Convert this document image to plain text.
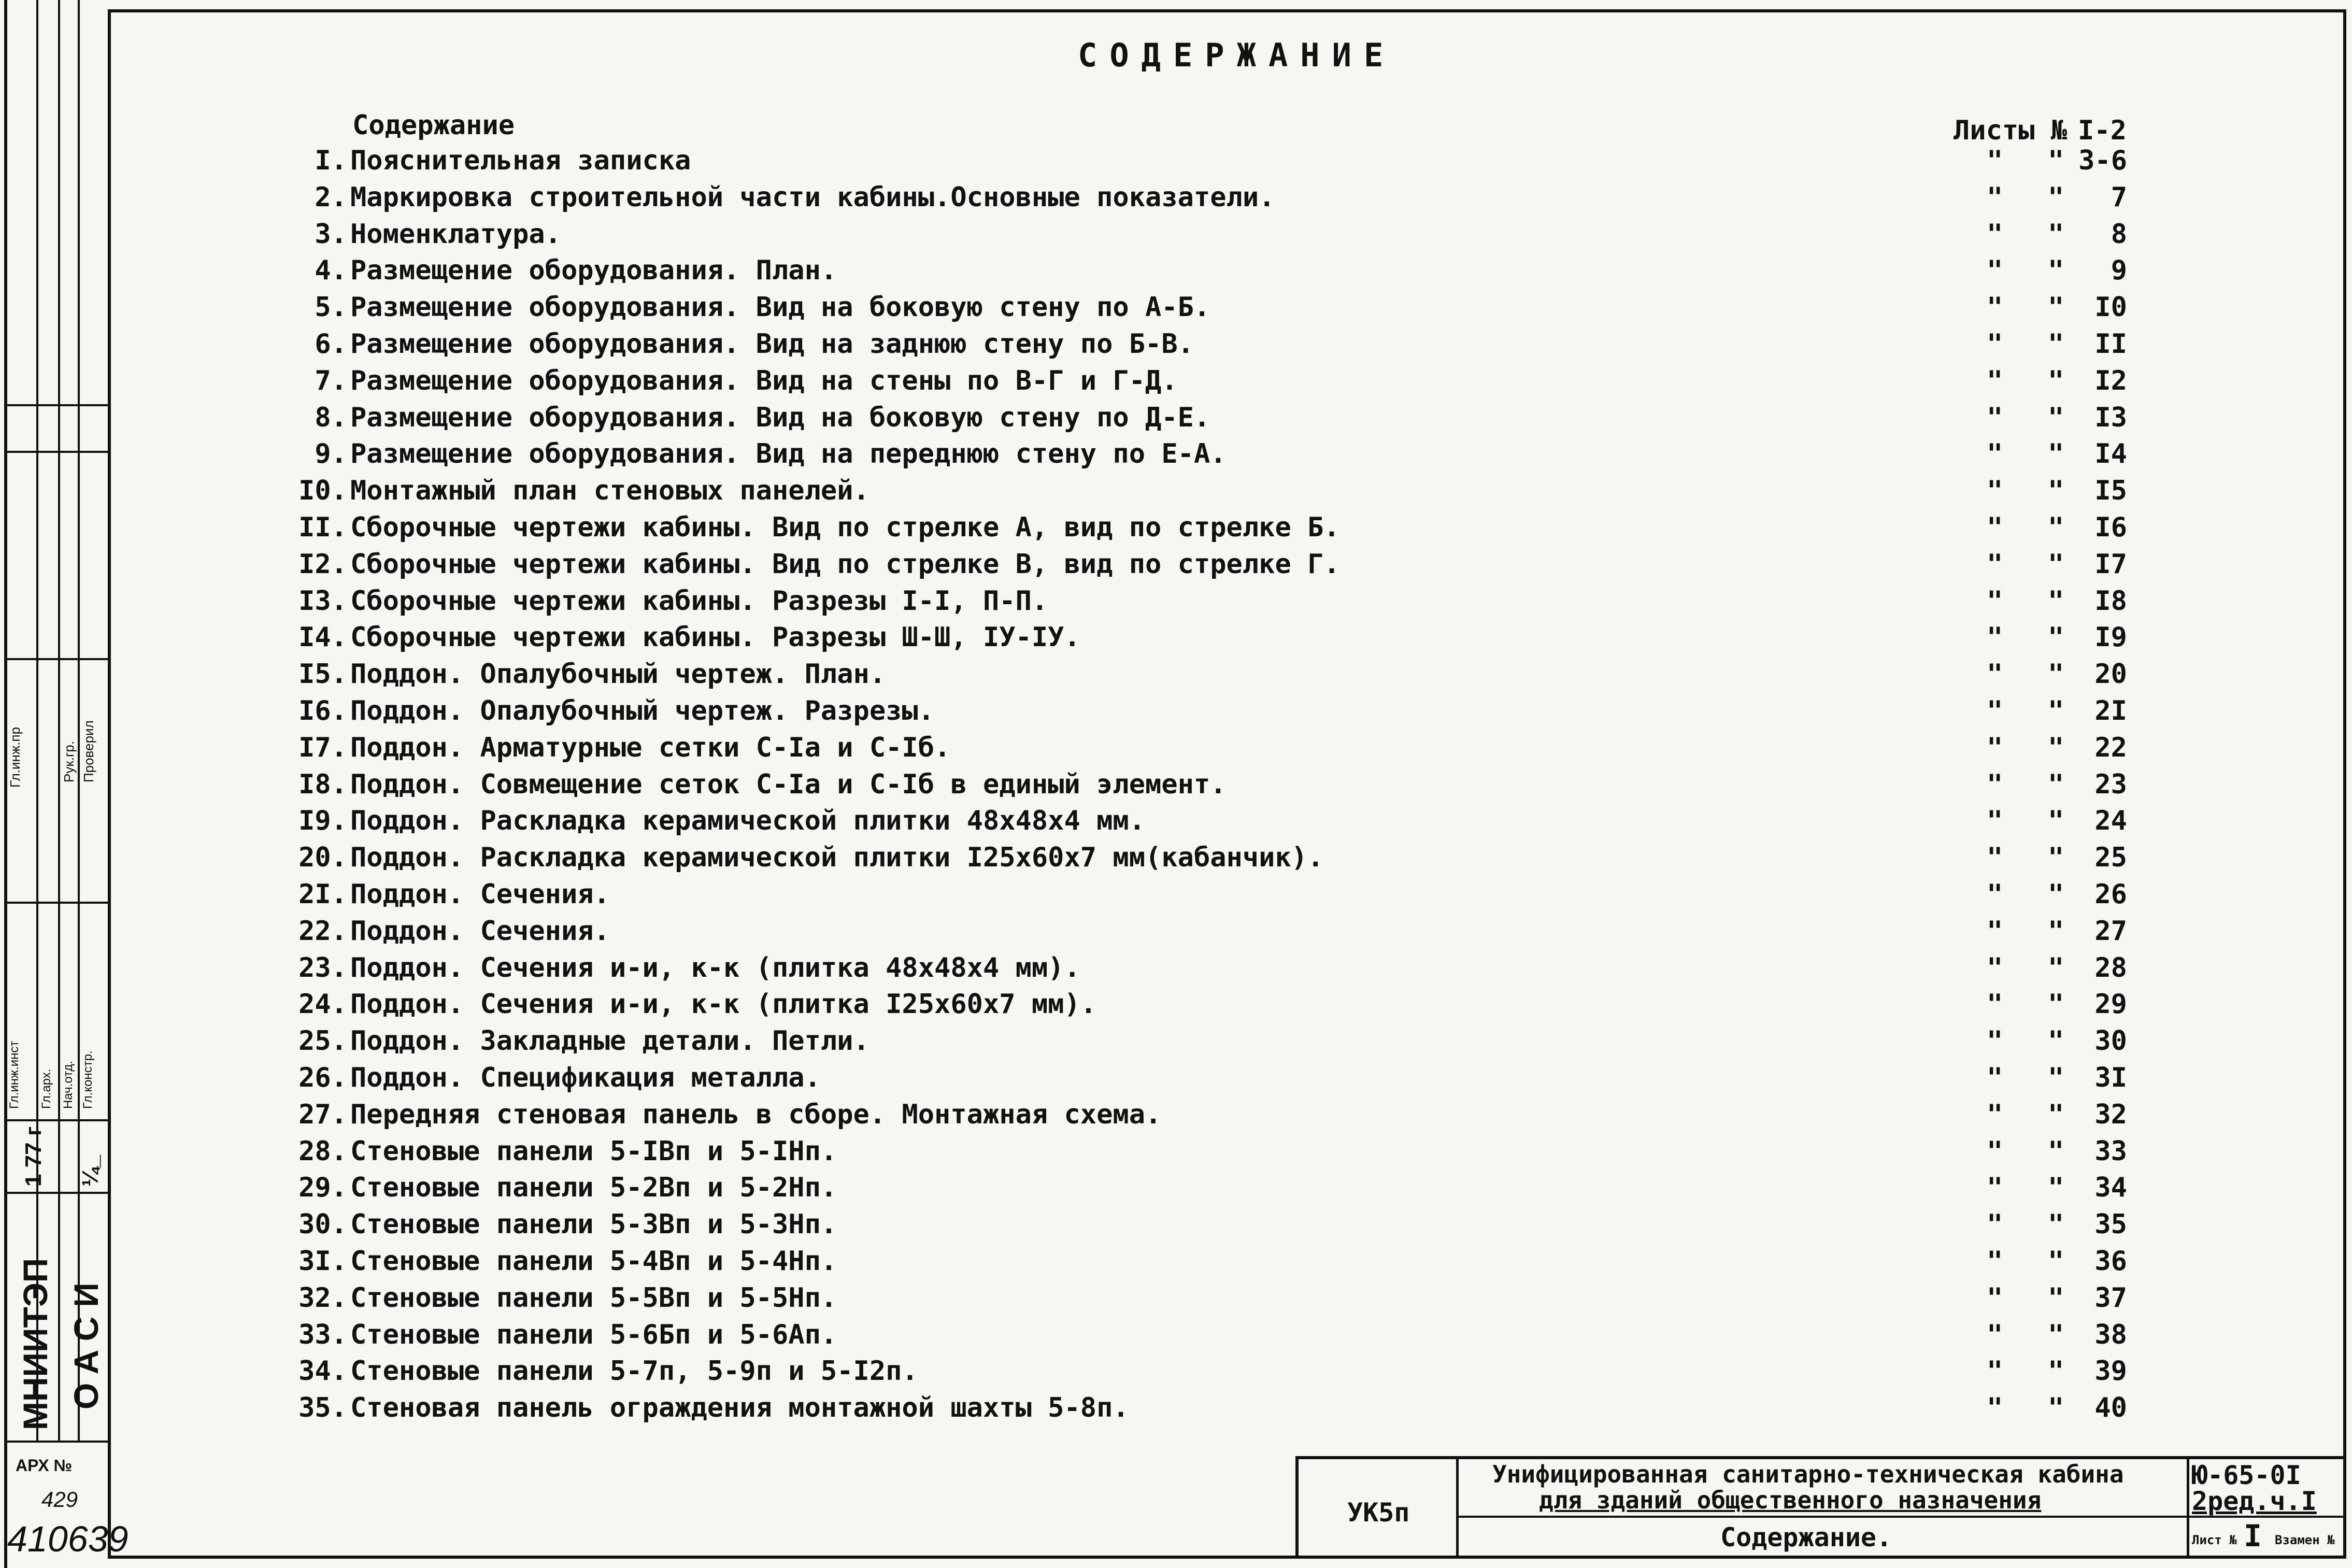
МНИИТЭП ОАСИ
1 77 г ¼_
Гл.инж.пр	Рук.гр. Проверил
Гл.инж.инст Гл.арх. Нач.отд. Гл.констр.
АРХ №
429
410639
СОДЕРЖАНИЕ
Содержание	Листы № I-2
I. Пояснительная записка	" " 3-6
2. Маркировка строительной части кабины.Основные показатели.	" "	7
3. Номенклатура.	" "	8
4. Размещение оборудования. План.	" "	9
5. Размещение оборудования. Вид на боковую стену по А-Б.	" "	I0
6. Размещение оборудования. Вид на заднюю стену по Б-В.	" "	II
7. Размещение оборудования. Вид на стены по В-Г и Г-Д.	" "	I2
8. Размещение оборудования. Вид на боковую стену по Д-Е.	" "	I3
9. Размещение оборудования. Вид на переднюю стену по Е-А.	" "	I4
I0. Монтажный план стеновых панелей.	" "	I5
II. Сборочные чертежи кабины. Вид по стрелке А, вид по стрелке Б.	" "	I6
I2. Сборочные чертежи кабины. Вид по стрелке В, вид по стрелке Г.	" "	I7
I3. Сборочные чертежи кабины. Разрезы I-I, П-П.	" "	I8
I4. Сборочные чертежи кабины. Разрезы Ш-Ш, IУ-IУ.	" "	I9
I5. Поддон. Опалубочный чертеж. План.	" "	20
I6. Поддон. Опалубочный чертеж. Разрезы.	" "	2I
I7. Поддон. Арматурные сетки С-Iа и С-Iб.	" "	22
I8. Поддон. Совмещение сеток С-Iа и С-Iб в единый элемент.	" "	23
I9. Поддон. Раскладка керамической плитки 48х48х4 мм.	" "	24
20. Поддон. Раскладка керамической плитки I25х60х7 мм(кабанчик).	" "	25
2I. Поддон. Сечения.	" "	26
22. Поддон. Сечения.	" "	27
23. Поддон. Сечения и-и, к-к (плитка 48х48х4 мм).	" "	28
24. Поддон. Сечения и-и, к-к (плитка I25х60х7 мм).	" "	29
25. Поддон. Закладные детали. Петли.	" "	30
26. Поддон. Спецификация металла.	" "	3I
27. Передняя стеновая панель в сборе. Монтажная схема.	" "	32
28. Стеновые панели 5-IВп и 5-IНп.	" "	33
29. Стеновые панели 5-2Вп и 5-2Нп.	" "	34
30. Стеновые панели 5-3Вп и 5-3Нп.	" "	35
3I. Стеновые панели 5-4Вп и 5-4Нп.	" "	36
32. Стеновые панели 5-5Вп и 5-5Нп.	" "	37
33. Стеновые панели 5-6Бп и 5-6Ап.	" "	38
34. Стеновые панели 5-7п, 5-9п и 5-I2п.	" "	39
35. Стеновая панель ограждения монтажной шахты 5-8п.	" "	40
УК5п
Унифицированная санитарно-техническая кабина
для зданий общественного назначения
Содержание.
Ю-65-0I
2ред.ч.I
Лист № I Взамен №
